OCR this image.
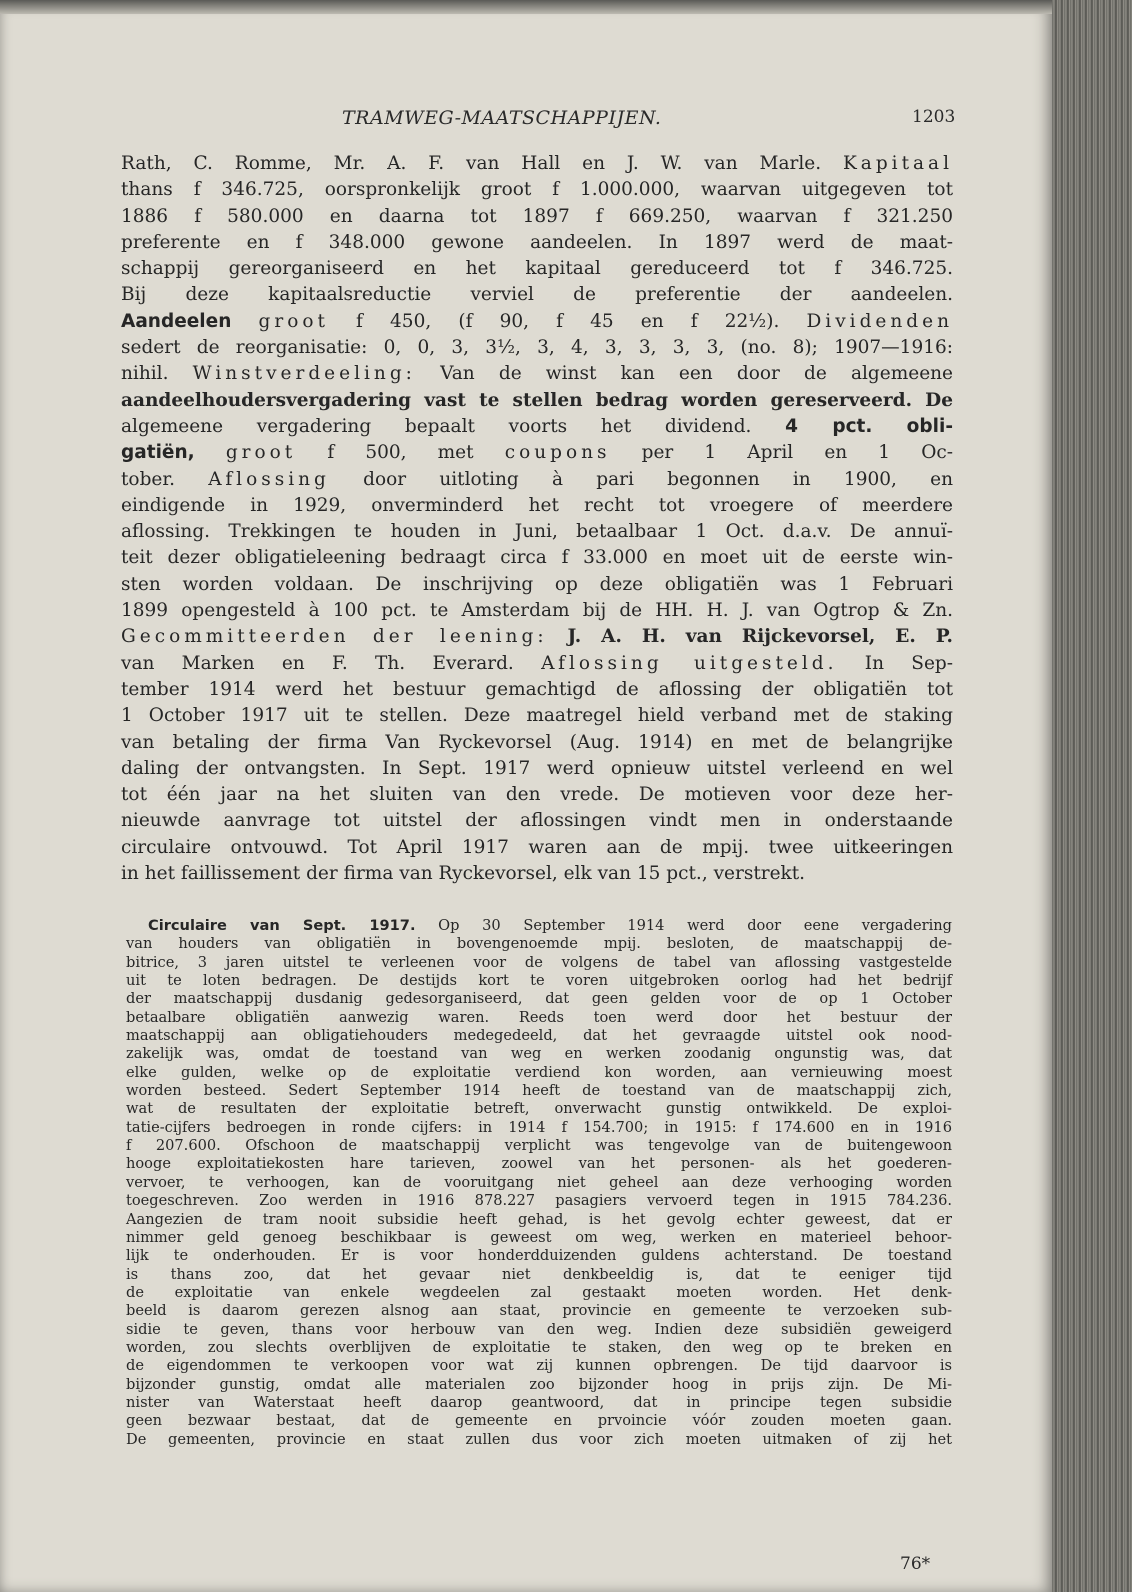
TRAMWEG-MAATSCHAPPIJEN.	1203
Rath, C. Romme, Mr. A. F. van Hall en J. W. van Marle. Kapitaal
thans f 346.725, oorspronkelijk groot f 1.000.000, waarvan uitgegeven tot
1886 f 580.000 en daarna tot 1897 f 669.250, waarvan f 321.250
preferente en f 348.000 gewone aandeelen. In 1897 werd de maat-
schappij gereorganiseerd en het kapitaal gereduceerd tot f 346.725.
Bij deze kapitaalsreductie verviel de preferentie der aandeelen.
Aandeelen groot f 450, (f 90, f 45 en f 22½). Dividenden
sedert de reorganisatie: 0, 0, 3, 3½, 3, 4, 3, 3, 3, 3, (no. 8); 1907—1916:
nihil. Winstverdeeling: Van de winst kan een door de algemeene
aandeelhoudersvergadering vast te stellen bedrag worden gereserveerd. De
algemeene vergadering bepaalt voorts het dividend. 4 pct. obli-
gatiën, groot f 500, met coupons per 1 April en 1 Oc-
tober. Aflossing door uitloting à pari begonnen in 1900, en
eindigende in 1929, onverminderd het recht tot vroegere of meerdere
aflossing. Trekkingen te houden in Juni, betaalbaar 1 Oct. d.a.v. De annuï-
teit dezer obligatieleening bedraagt circa f 33.000 en moet uit de eerste win-
sten worden voldaan. De inschrijving op deze obligatiën was 1 Februari
1899 opengesteld à 100 pct. te Amsterdam bij de HH. H. J. van Ogtrop & Zn.
Gecommitteerden der leening: J. A. H. van Rijckevorsel, E. P.
van Marken en F. Th. Everard. Aflossing uitgesteld. In Sep-
tember 1914 werd het bestuur gemachtigd de aflossing der obligatiën tot
1 October 1917 uit te stellen. Deze maatregel hield verband met de staking
van betaling der firma Van Ryckevorsel (Aug. 1914) en met de belangrijke
daling der ontvangsten. In Sept. 1917 werd opnieuw uitstel verleend en wel
tot één jaar na het sluiten van den vrede. De motieven voor deze her-
nieuwde aanvrage tot uitstel der aflossingen vindt men in onderstaande
circulaire ontvouwd. Tot April 1917 waren aan de mpij. twee uitkeeringen
in het faillissement der firma van Ryckevorsel, elk van 15 pct., verstrekt.
Circulaire van Sept. 1917. Op 30 September 1914 werd door eene vergadering
van houders van obligatiën in bovengenoemde mpij. besloten, de maatschappij de-
bitrice, 3 jaren uitstel te verleenen voor de volgens de tabel van aflossing vastgestelde
uit te loten bedragen. De destijds kort te voren uitgebroken oorlog had het bedrijf
der maatschappij dusdanig gedesorganiseerd, dat geen gelden voor de op 1 October
betaalbare obligatiën aanwezig waren. Reeds toen werd door het bestuur der
maatschappij aan obligatiehouders medegedeeld, dat het gevraagde uitstel ook nood-
zakelijk was, omdat de toestand van weg en werken zoodanig ongunstig was, dat
elke gulden, welke op de exploitatie verdiend kon worden, aan vernieuwing moest
worden besteed. Sedert September 1914 heeft de toestand van de maatschappij zich,
wat de resultaten der exploitatie betreft, onverwacht gunstig ontwikkeld. De exploi-
tatie-cijfers bedroegen in ronde cijfers: in 1914 f 154.700; in 1915: f 174.600 en in 1916
f 207.600. Ofschoon de maatschappij verplicht was tengevolge van de buitengewoon
hooge exploitatiekosten hare tarieven, zoowel van het personen- als het goederen-
vervoer, te verhoogen, kan de vooruitgang niet geheel aan deze verhooging worden
toegeschreven. Zoo werden in 1916 878.227 pasagiers vervoerd tegen in 1915 784.236.
Aangezien de tram nooit subsidie heeft gehad, is het gevolg echter geweest, dat er
nimmer geld genoeg beschikbaar is geweest om weg, werken en materieel behoor-
lijk te onderhouden. Er is voor honderdduizenden guldens achterstand. De toestand
is thans zoo, dat het gevaar niet denkbeeldig is, dat te eeniger tijd
de exploitatie van enkele wegdeelen zal gestaakt moeten worden. Het denk-
beeld is daarom gerezen alsnog aan staat, provincie en gemeente te verzoeken sub-
sidie te geven, thans voor herbouw van den weg. Indien deze subsidiën geweigerd
worden, zou slechts overblijven de exploitatie te staken, den weg op te breken en
de eigendommen te verkoopen voor wat zij kunnen opbrengen. De tijd daarvoor is
bijzonder gunstig, omdat alle materialen zoo bijzonder hoog in prijs zijn. De Mi-
nister van Waterstaat heeft daarop geantwoord, dat in principe tegen subsidie
geen bezwaar bestaat, dat de gemeente en prvoincie vóór zouden moeten gaan.
De gemeenten, provincie en staat zullen dus voor zich moeten uitmaken of zij het
76*
